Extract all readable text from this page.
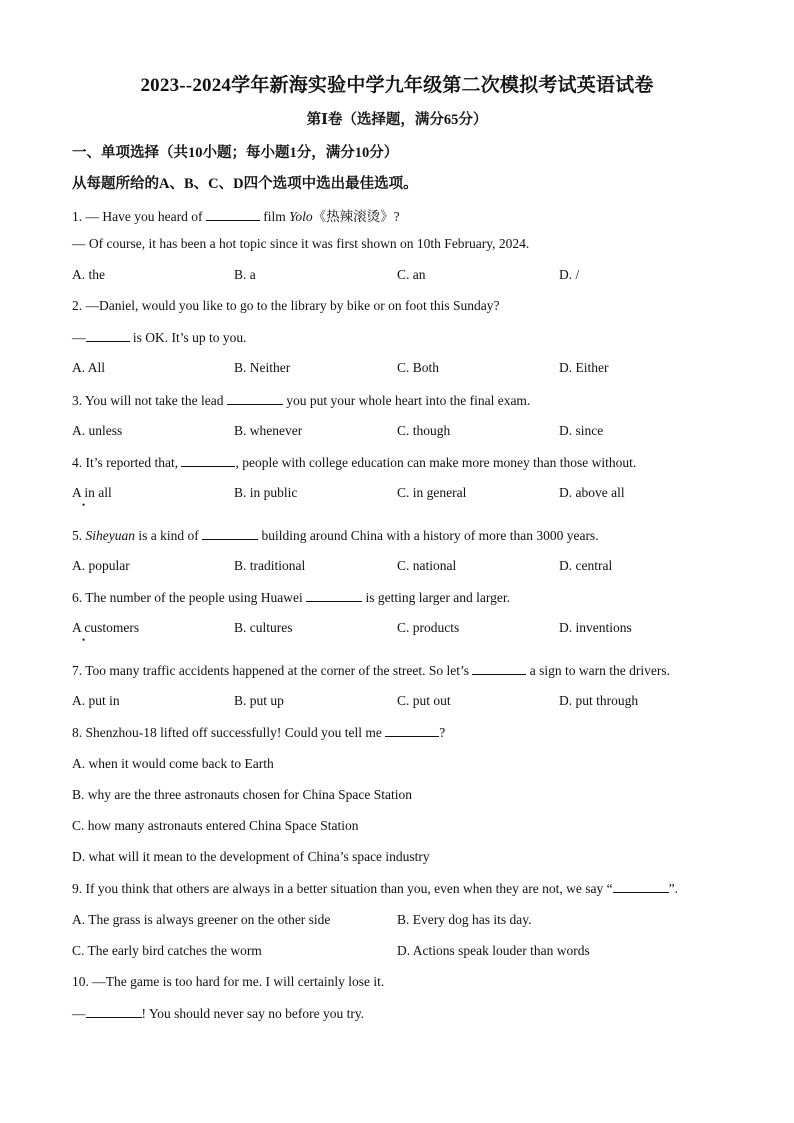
2023--2024学年新海实验中学九年级第二次模拟考试英语试卷
第Ⅰ卷（选择题，满分65分）
一、单项选择（共10小题；每小题1分，满分10分）
从每题所给的A、B、C、D四个选项中选出最佳选项。
1. — Have you heard of	film Yolo《热辣滚烫》?
— Of course, it has been a hot topic since it was first shown on 10th February, 2024.
A. the	B. a	C. an	D. /
2. —Daniel, would you like to go to the library by bike or on foot this Sunday?
—	is OK. It’s up to you.
A. All	B. Neither	C. Both	D. Either
3. You will not take the lead	you put your whole heart into the final exam.
A. unless	B. whenever	C. though	D. since
4. It’s reported that,	, people with college education can make more money than those without.
A in all	B. in public	C. in general	D. above all
•
5. Siheyuan is a kind of	building around China with a history of more than 3000 years.
A. popular	B. traditional	C. national	D. central
6. The number of the people using Huawei	is getting larger and larger.
A customers	B. cultures	C. products	D. inventions
•
7. Too many traffic accidents happened at the corner of the street. So let’s	a sign to warn the drivers.
A. put in	B. put up	C. put out	D. put through
8. Shenzhou-18 lifted off successfully! Could you tell me	?
A. when it would come back to Earth
B. why are the three astronauts chosen for China Space Station
C. how many astronauts entered China Space Station
D. what will it mean to the development of China’s space industry
9. If you think that others are always in a better situation than you, even when they are not, we say “	”.
A. The grass is always greener on the other side	B. Every dog has its day.
C. The early bird catches the worm	D. Actions speak louder than words
10. —The game is too hard for me. I will certainly lose it.
—	! You should never say no before you try.
